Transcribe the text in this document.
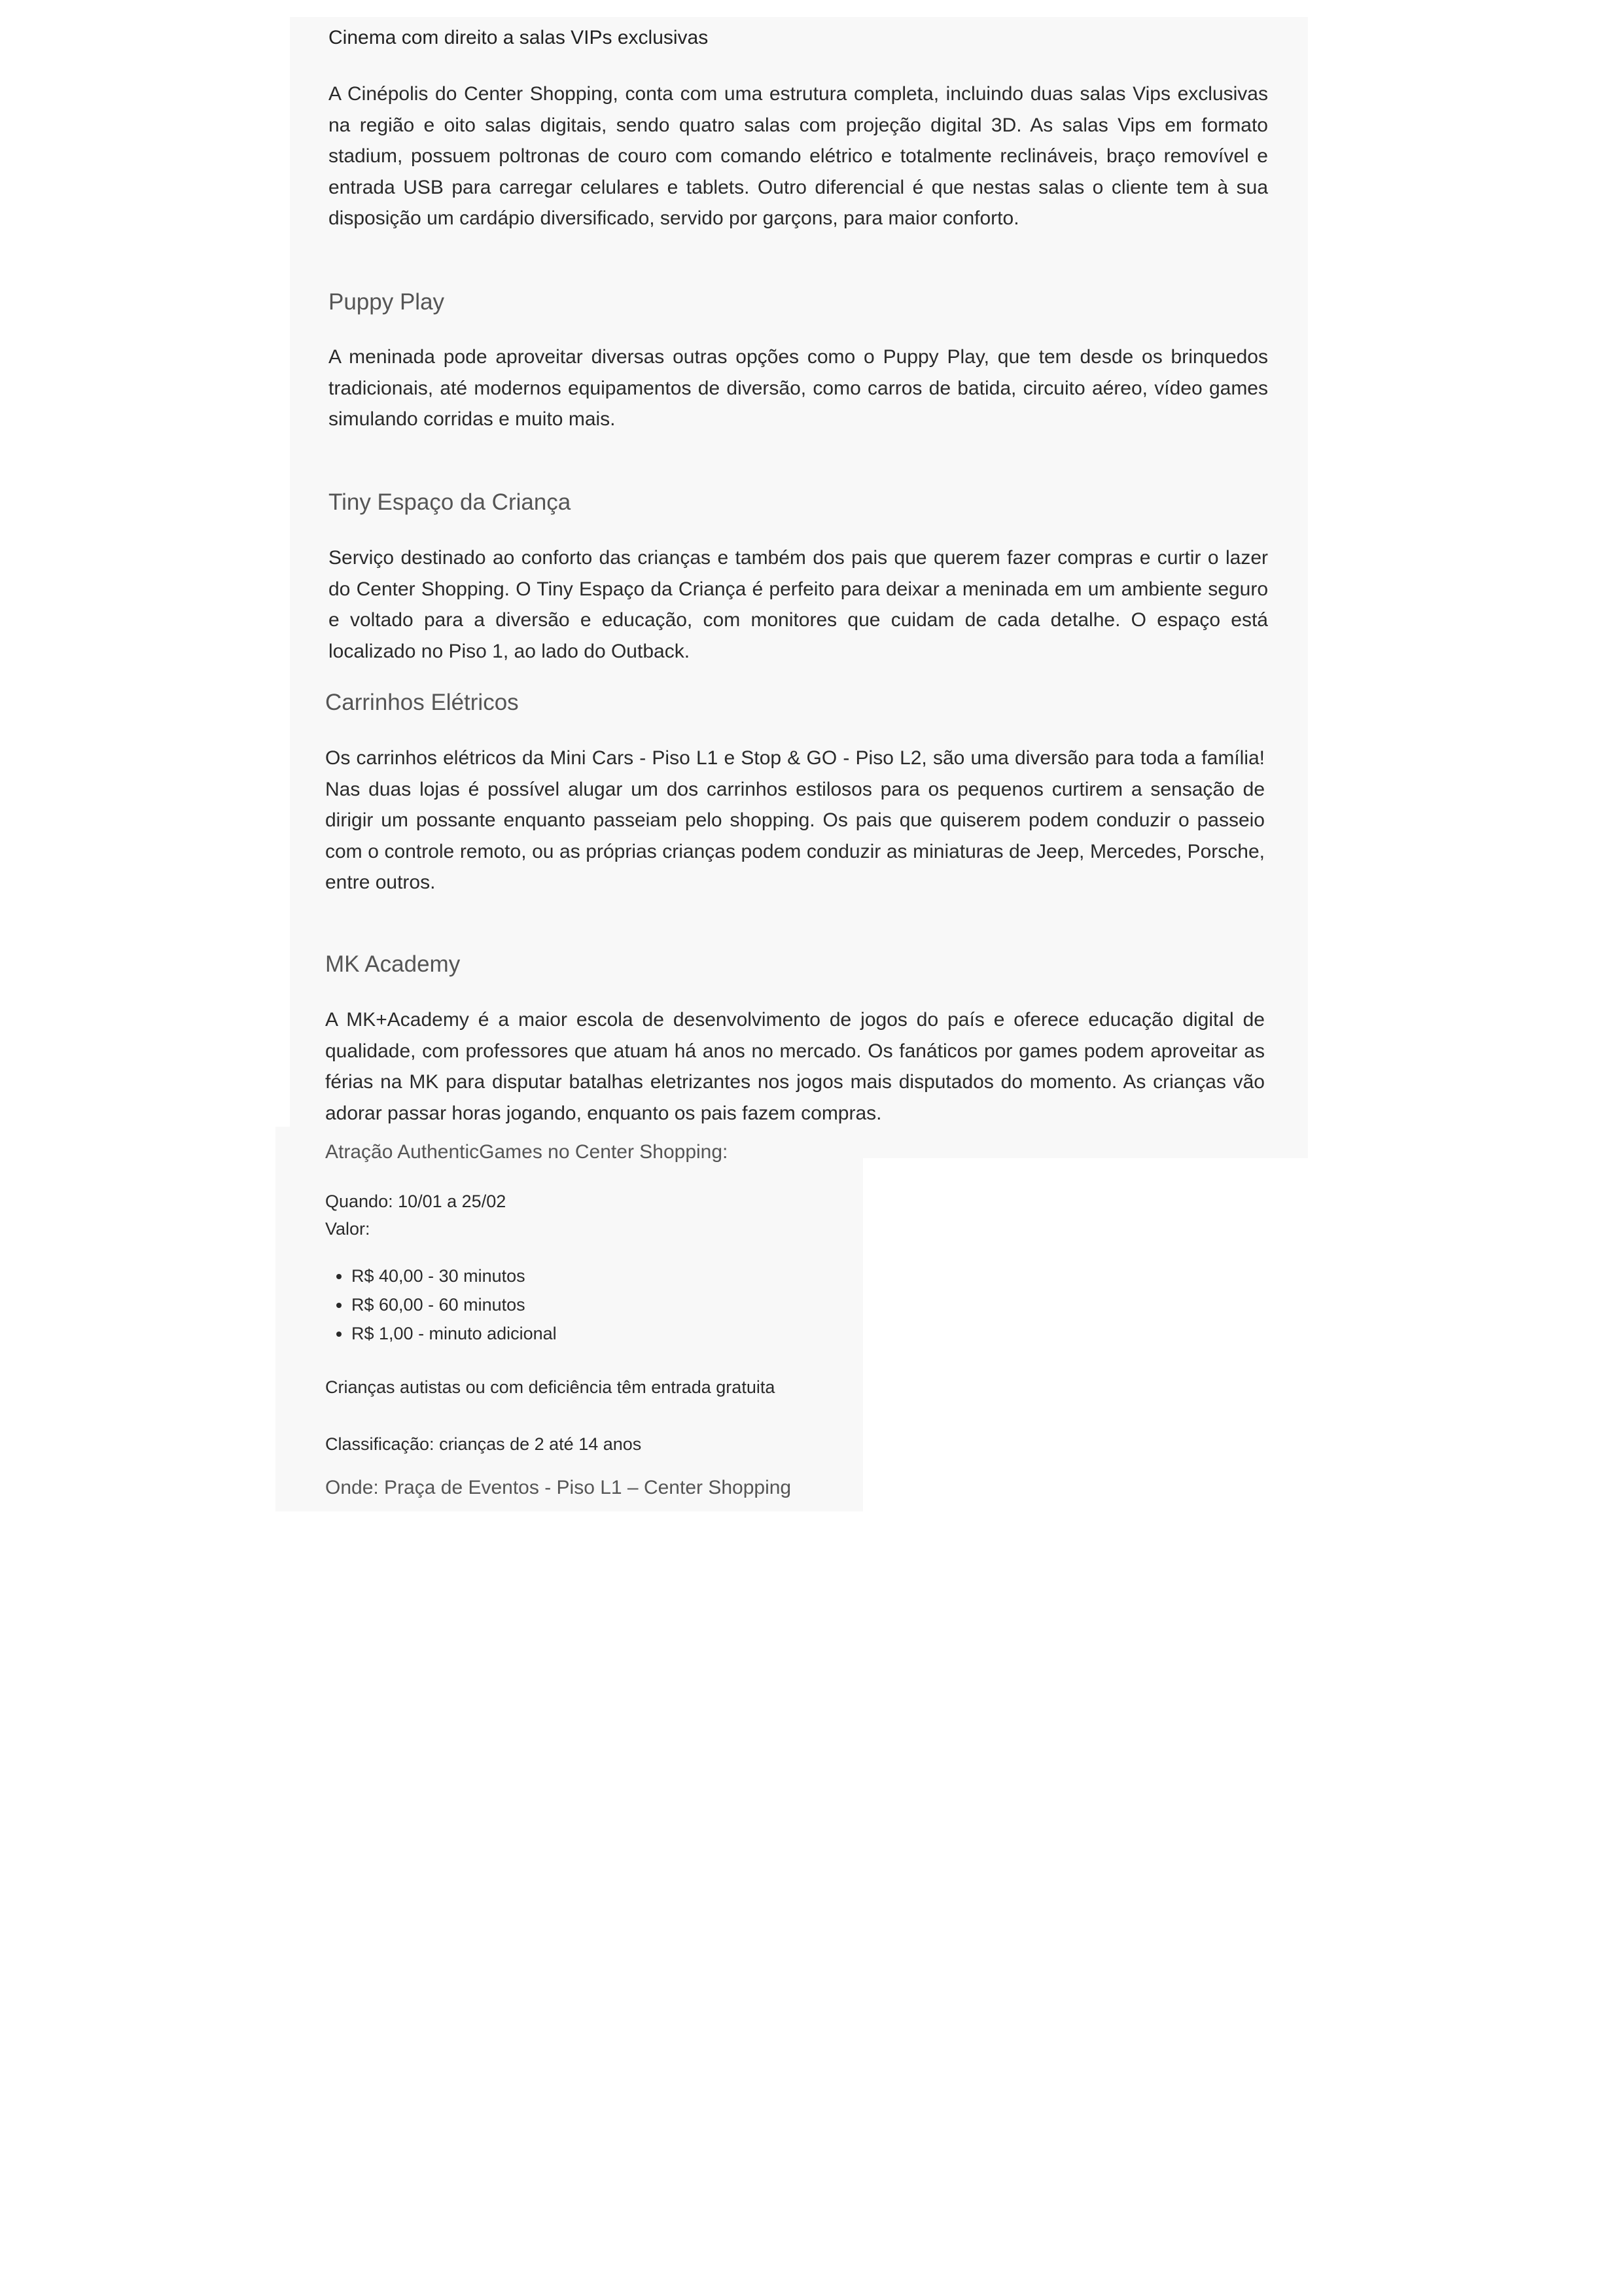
Cinema com direito a salas VIPs exclusivas

A Cinépolis do Center Shopping, conta com uma estrutura completa, incluindo duas salas Vips exclusivas na região e oito salas digitais, sendo quatro salas com projeção digital 3D. As salas Vips em formato stadium, possuem poltronas de couro com comando elétrico e totalmente reclináveis, braço removível e entrada USB para carregar celulares e tablets. Outro diferencial é que nestas salas o cliente tem à sua disposição um cardápio diversificado, servido por garçons, para maior conforto.

Puppy Play

A meninada pode aproveitar diversas outras opções como o Puppy Play, que tem desde os brinquedos tradicionais, até modernos equipamentos de diversão, como carros de batida, circuito aéreo, vídeo games simulando corridas e muito mais.

Tiny Espaço da Criança

Serviço destinado ao conforto das crianças e também dos pais que querem fazer compras e curtir o lazer do Center Shopping. O Tiny Espaço da Criança é perfeito para deixar a meninada em um ambiente seguro e voltado para a diversão e educação, com monitores que cuidam de cada detalhe. O espaço está localizado no Piso 1, ao lado do Outback.

Carrinhos Elétricos

Os carrinhos elétricos da Mini Cars - Piso L1 e Stop & GO - Piso L2, são uma diversão para toda a família! Nas duas lojas é possível alugar um dos carrinhos estilosos para os pequenos curtirem a sensação de dirigir um possante enquanto passeiam pelo shopping. Os pais que quiserem podem conduzir o passeio com o controle remoto, ou as próprias crianças podem conduzir as miniaturas de Jeep, Mercedes, Porsche, entre outros.

MK Academy

A MK+Academy é a maior escola de desenvolvimento de jogos do país e oferece educação digital de qualidade, com professores que atuam há anos no mercado. Os fanáticos por games podem aproveitar as férias na MK para disputar batalhas eletrizantes nos jogos mais disputados do momento. As crianças vão adorar passar horas jogando, enquanto os pais fazem compras.

Atração AuthenticGames no Center Shopping:

Quando: 10/01 a 25/02

Valor:

• R$ 40,00 - 30 minutos
• R$ 60,00 - 60 minutos
• R$ 1,00 - minuto adicional

Crianças autistas ou com deficiência têm entrada gratuita

Classificação: crianças de 2 até 14 anos

Onde: Praça de Eventos - Piso L1 – Center Shopping
